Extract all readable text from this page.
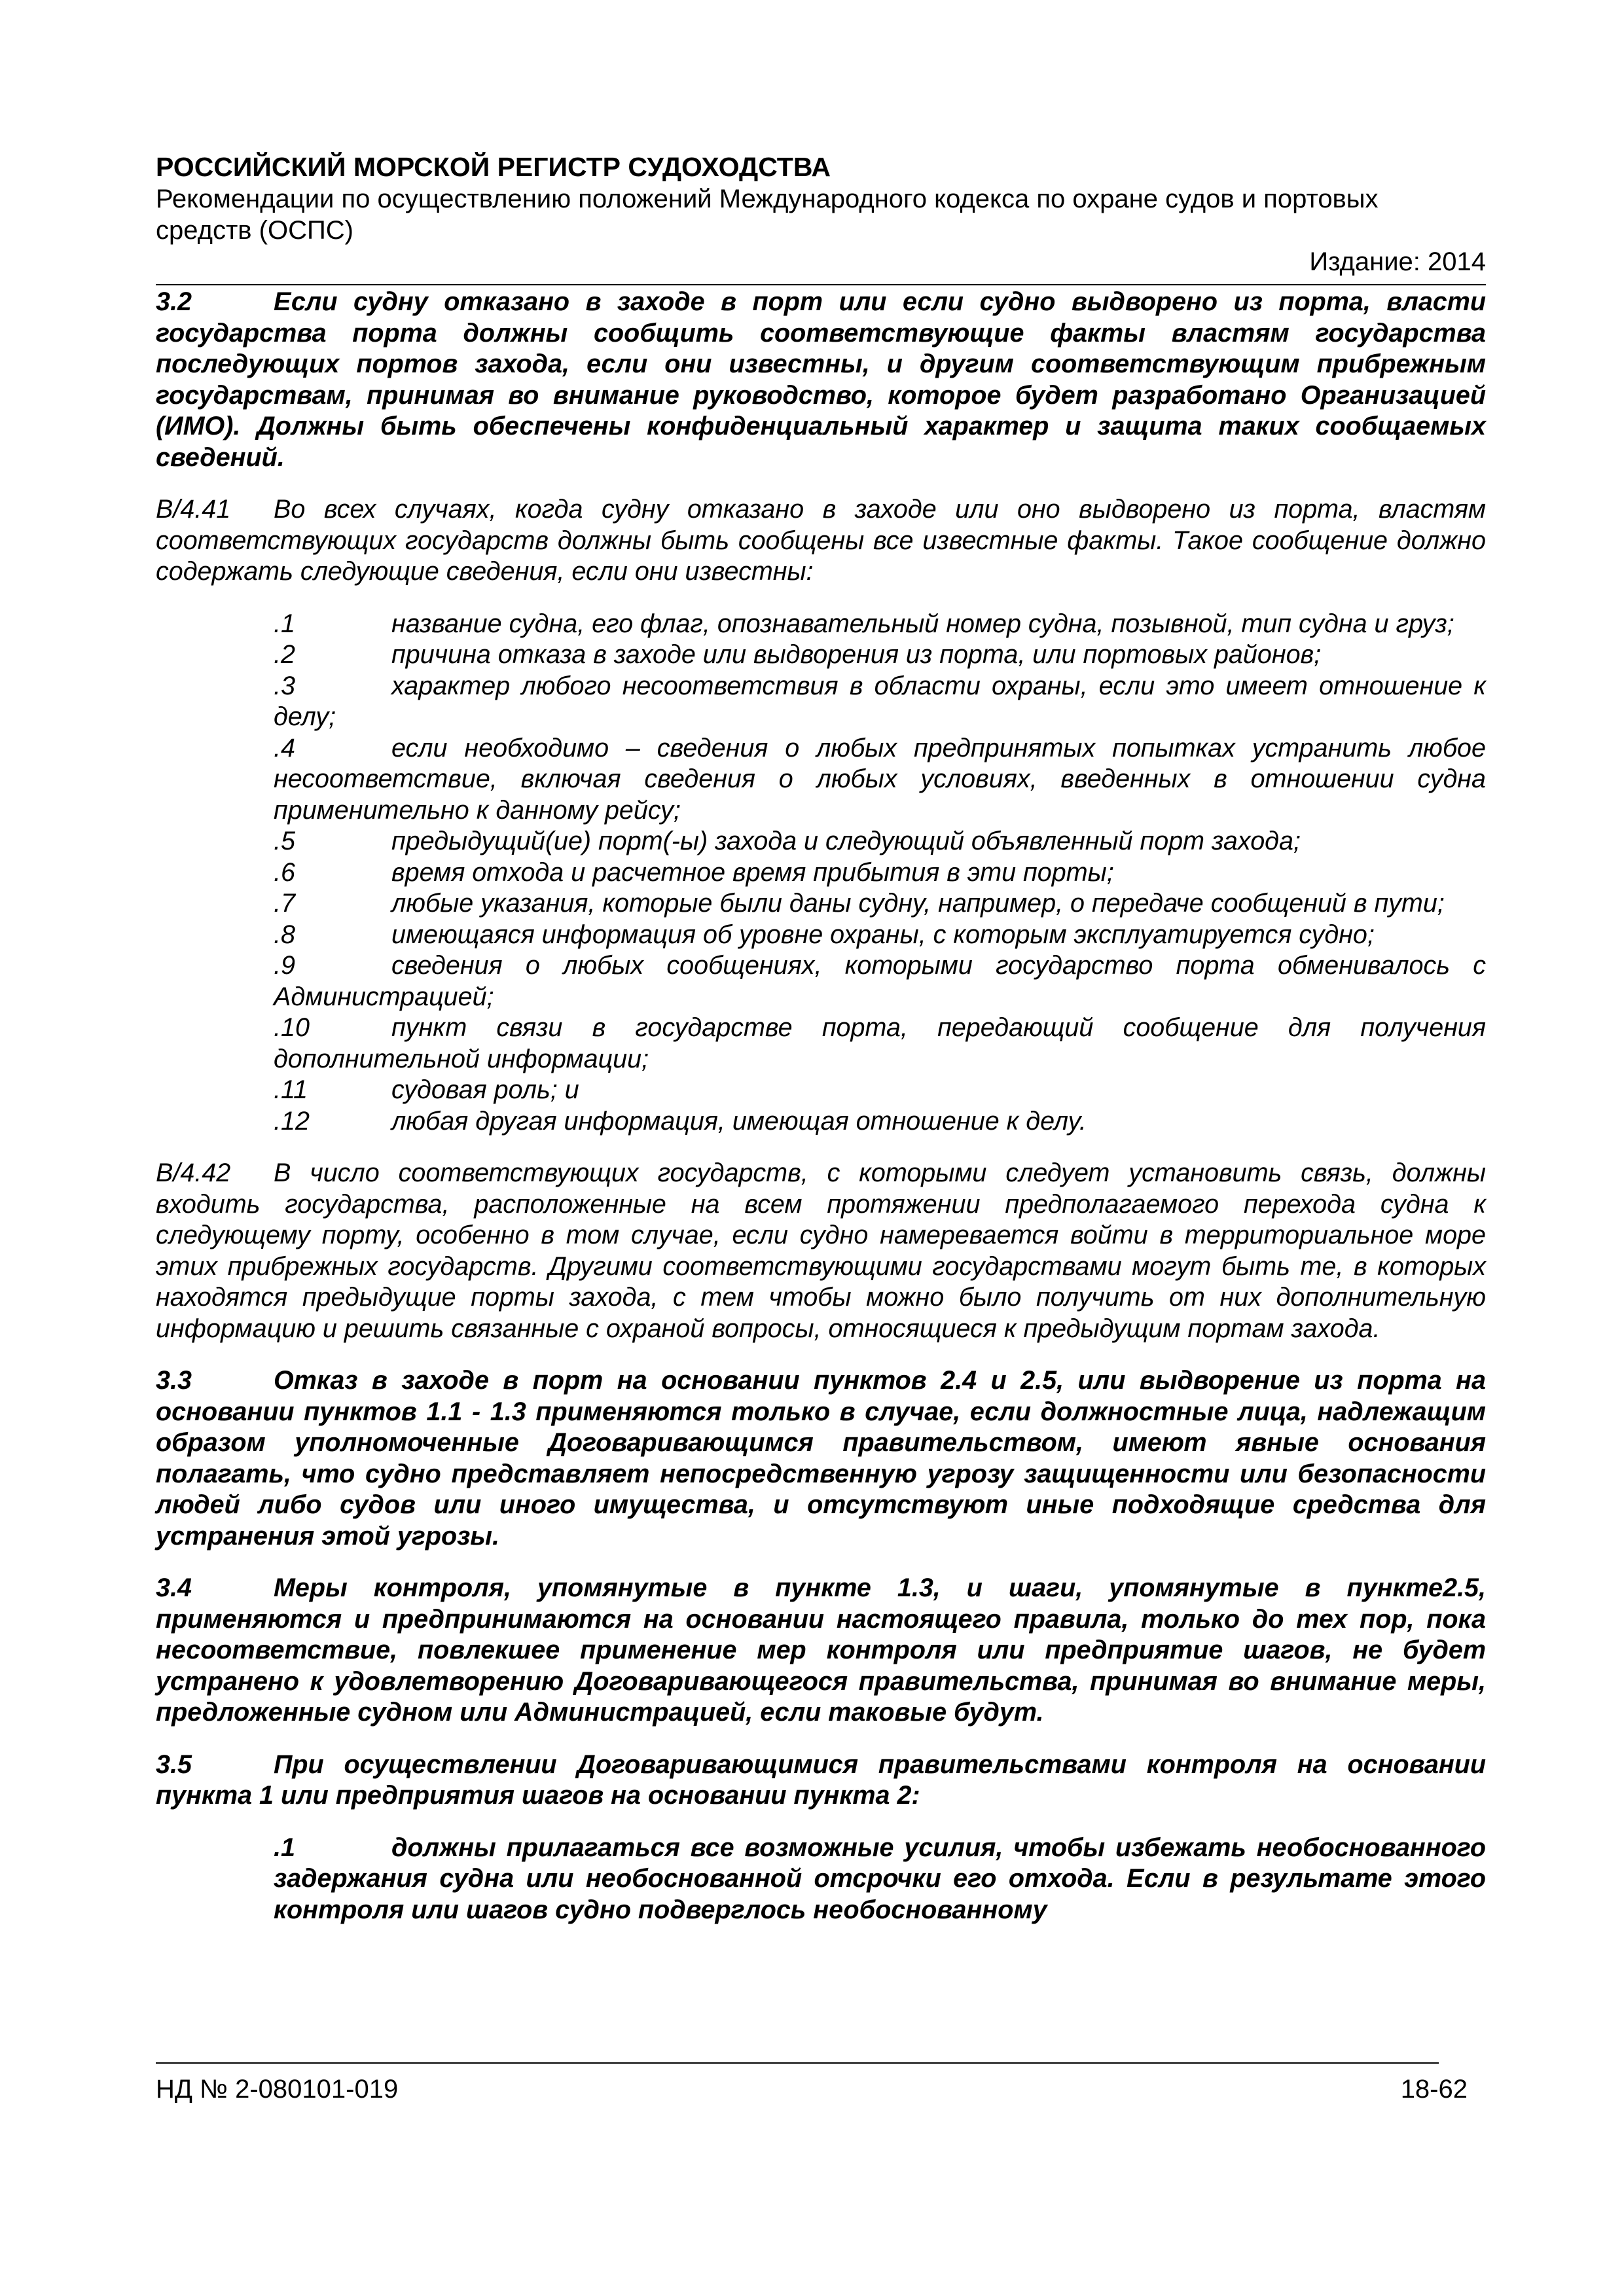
РОССИЙСКИЙ МОРСКОЙ РЕГИСТР СУДОХОДСТВА
Рекомендации по осуществлению положений Международного кодекса по охране судов и портовых
средств (ОСПС)
Издание: 2014

3.2	Если судну отказано в заходе в порт или если судно выдворено из порта, власти государства порта должны сообщить соответствующие факты властям государства последующих портов захода, если они известны, и другим соответствующим прибрежным государствам, принимая во внимание руководство, которое будет разработано Организацией (ИМО). Должны быть обеспечены конфиденциальный характер и защита таких сообщаемых сведений.

B/4.41 Во всех случаях, когда судну отказано в заходе или оно выдворено из порта, властям соответствующих государств должны быть сообщены все известные факты. Такое сообщение должно содержать следующие сведения, если они известны:

.1	название судна, его флаг, опознавательный номер судна, позывной, тип судна и груз;

.2	причина отказа в заходе или выдворения из порта, или портовых районов;

.3	характер любого несоответствия в области охраны, если это имеет отношение к делу;

.4	если необходимо – сведения о любых предпринятых попытках устранить любое несоответствие, включая сведения о любых условиях, введенных в отношении судна применительно к данному рейсу;

.5	предыдущий(ие) порт(-ы) захода и следующий объявленный порт захода;

.6	время отхода и расчетное время прибытия в эти порты;

.7	любые указания, которые были даны судну, например, о передаче сообщений в пути;

.8	имеющаяся информация об уровне охраны, с которым эксплуатируется судно;

.9	сведения о любых сообщениях, которыми государство порта обменивалось с Администрацией;

.10	пункт связи в государстве порта, передающий сообщение для получения дополнительной информации;

.11	судовая роль; и

.12	любая другая информация, имеющая отношение к делу.

B/4.42 В число соответствующих государств, с которыми следует установить связь, должны входить государства, расположенные на всем протяжении предполагаемого перехода судна к следующему порту, особенно в том случае, если судно намеревается войти в территориальное море этих прибрежных государств. Другими соответствующими государствами могут быть те, в которых находятся предыдущие порты захода, с тем чтобы можно было получить от них дополнительную информацию и решить связанные с охраной вопросы, относящиеся к предыдущим портам захода.

3.3	Отказ в заходе в порт на основании пунктов 2.4 и 2.5, или выдворение из порта на основании пунктов 1.1 - 1.3 применяются только в случае, если должностные лица, надлежащим образом уполномоченные Договаривающимся правительством, имеют явные основания полагать, что судно представляет непосредственную угрозу защищенности или безопасности людей либо судов или иного имущества, и отсутствуют иные подходящие средства для устранения этой угрозы.

3.4	Меры контроля, упомянутые в пункте 1.3, и шаги, упомянутые в пункте2.5, применяются и предпринимаются на основании настоящего правила, только до тех пор, пока несоответствие, повлекшее применение мер контроля или предприятие шагов, не будет устранено к удовлетворению Договаривающегося правительства, принимая во внимание меры, предложенные судном или Администрацией, если таковые будут.

3.5	При осуществлении Договаривающимися правительствами контроля на основании пункта 1 или предприятия шагов на основании пункта 2:

.1	должны прилагаться все возможные усилия, чтобы избежать необоснованного задержания судна или необоснованной отсрочки его отхода. Если в результате этого контроля или шагов судно подверглось необоснованному

НД № 2-080101-019	18-62
